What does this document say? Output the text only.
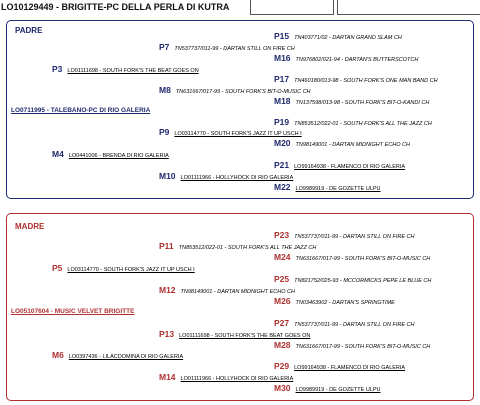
LO10129449 - BRIGITTE-PC DELLA PERLA DI KUTRA
PADRE
P15 TN403771/02 - DARTAN GRAND SLAM CH
P7 TN537737/011-99 - DARTAN STILL ON FIRE CH
M16 TN976802/021-94 - DARTAN'S BUTTERSCOTCH
P3 LO01111698 - SOUTH FORK'S THE BEAT GOES ON
P17 TN460180/013-98 - SOUTH FORK'S ONE MAN BAND CH
M8 TN631667/017-99 - SOUTH FORK'S BIT-O-MUSIC CH
M18 TN137598/013-98 - SOUTH FORK'S BIT-O-KANDI CH
LO0711995 - TALEBANO-PC DI RIO GALERIA
P19 TN853512/022-01 - SOUTH FORK'S ALL THE JAZZ CH
P9 LO03114770 - SOUTH FORK'S JAZZ IT UP USCH I
M20 TN98149001 - DARTAN MIDNIGHT ECHO CH
M4 LO0441006 - BRENDA DI RIO GALERIA
P21 LO99164938 - FLAMENCO DI RIO GALERIA
M10 LO01111966 - HOLLYHOCK DI RIO GALERIA
M22 LO9989919 - DE GOZETTE ULPU
MADRE
P23 TN537737/011-99 - DARTAN STILL ON FIRE CH
P11 TN853512/022-01 - SOUTH FORK'S ALL THE JAZZ CH
M24 TN631667/017-99 - SOUTH FORK'S BIT-O-MUSIC CH
P5 LO03114770 - SOUTH FORK'S JAZZ IT UP USCH I
P25 TN821752/025-93 - MCCORMICKS PEPE LE BLUE CH
M12 TN98149001 - DARTAN MIDNIGHT ECHO CH
M26 TN03463902 - DARTAN'S SPRINGTIME
LO05107604 - MUSIC VELVET BRIGITTE
P27 TN537737/011-99 - DARTAN STILL ON FIRE CH
P13 LO01111698 - SOUTH FORK'S THE BEAT GOES ON
M28 TN631667/017-99 - SOUTH FORK'S BIT-O-MUSIC CH
M6 LO0397436 - LILACDOMINA DI RIO GALERIA
P29 LO99164938 - FLAMENCO DI RIO GALERIA
M14 LO01111966 - HOLLYHOCK DI RIO GALERIA
M30 LO9989919 - DE GOZETTE ULPU
